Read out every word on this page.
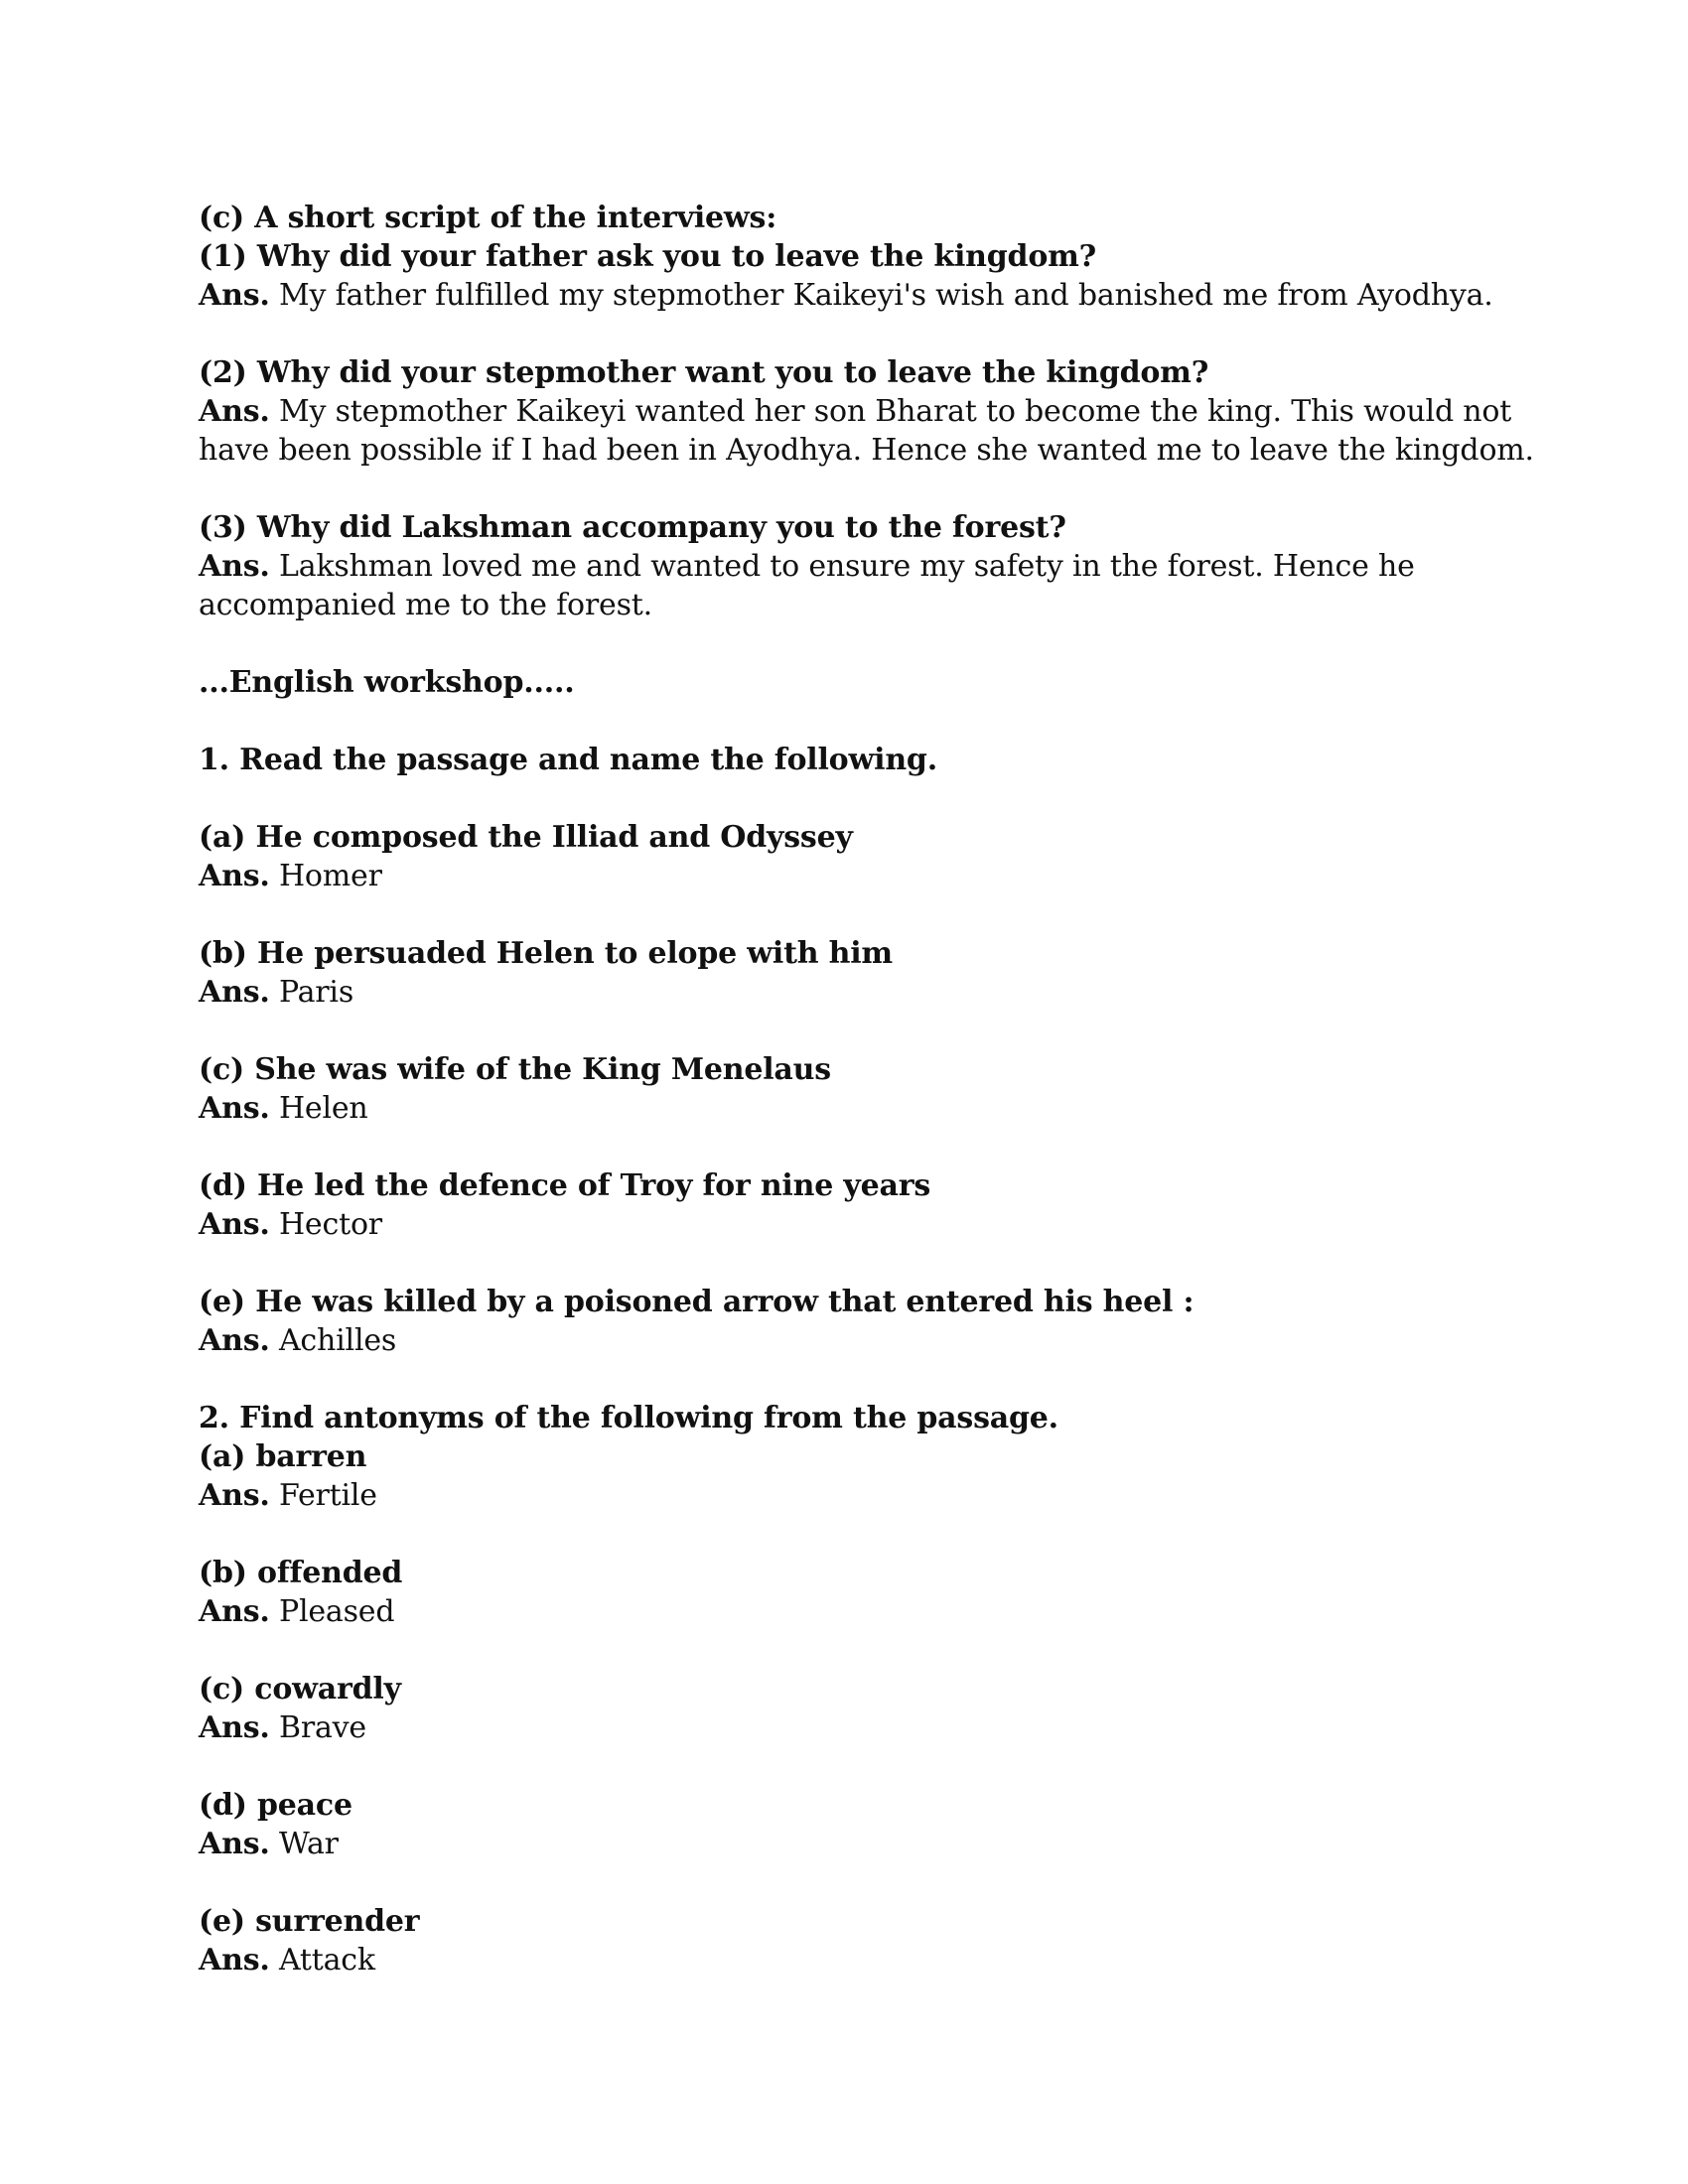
(c) A short script of the interviews:
(1) Why did your father ask you to leave the kingdom?
Ans. My father fulfilled my stepmother Kaikeyi's wish and banished me from Ayodhya.
(2) Why did your stepmother want you to leave the kingdom?
Ans. My stepmother Kaikeyi wanted her son Bharat to become the king. This would not
have been possible if I had been in Ayodhya. Hence she wanted me to leave the kingdom.
(3) Why did Lakshman accompany you to the forest?
Ans. Lakshman loved me and wanted to ensure my safety in the forest. Hence he
accompanied me to the forest.
...English workshop.....
1. Read the passage and name the following.
(a) He composed the Illiad and Odyssey
Ans. Homer
(b) He persuaded Helen to elope with him
Ans. Paris
(c) She was wife of the King Menelaus
Ans. Helen
(d) He led the defence of Troy for nine years
Ans. Hector
(e) He was killed by a poisoned arrow that entered his heel :
Ans. Achilles
2. Find antonyms of the following from the passage.
(a) barren
Ans. Fertile
(b) offended
Ans. Pleased
(c) cowardly
Ans. Brave
(d) peace
Ans. War
(e) surrender
Ans. Attack
